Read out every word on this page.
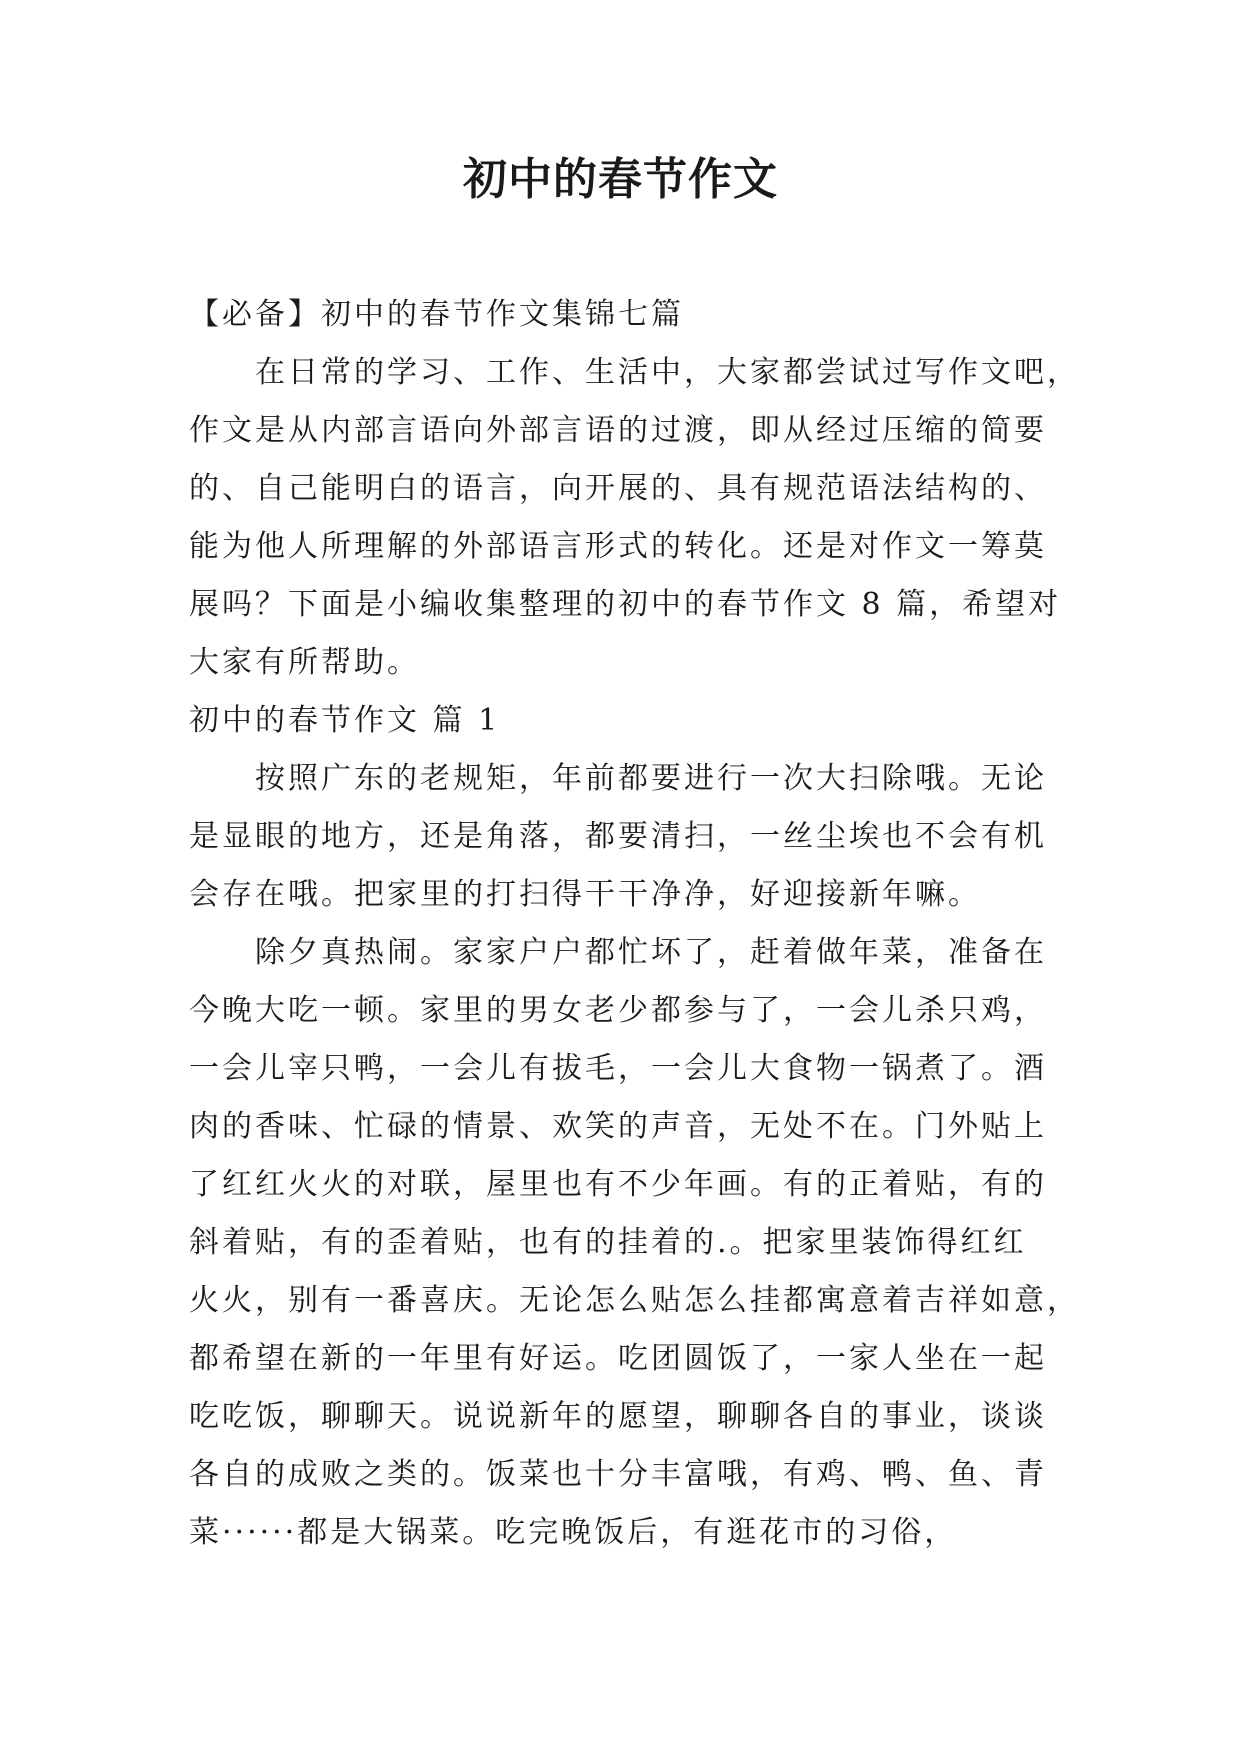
初中的春节作文
【必备】初中的春节作文集锦七篇
在日常的学习、工作、生活中，大家都尝试过写作文吧，
作文是从内部言语向外部言语的过渡，即从经过压缩的简要
的、自己能明白的语言，向开展的、具有规范语法结构的、
能为他人所理解的外部语言形式的转化。还是对作文一筹莫
展吗？下面是小编收集整理的初中的春节作文 8 篇，希望对
大家有所帮助。
初中的春节作文 篇 1
按照广东的老规矩，年前都要进行一次大扫除哦。无论
是显眼的地方，还是角落，都要清扫，一丝尘埃也不会有机
会存在哦。把家里的打扫得干干净净，好迎接新年嘛。
除夕真热闹。家家户户都忙坏了，赶着做年菜，准备在
今晚大吃一顿。家里的男女老少都参与了，一会儿杀只鸡，
一会儿宰只鸭，一会儿有拔毛，一会儿大食物一锅煮了。酒
肉的香味、忙碌的情景、欢笑的声音，无处不在。门外贴上
了红红火火的对联，屋里也有不少年画。有的正着贴，有的
斜着贴，有的歪着贴，也有的挂着的.。把家里装饰得红红
火火，别有一番喜庆。无论怎么贴怎么挂都寓意着吉祥如意，
都希望在新的一年里有好运。吃团圆饭了，一家人坐在一起
吃吃饭，聊聊天。说说新年的愿望，聊聊各自的事业，谈谈
各自的成败之类的。饭菜也十分丰富哦，有鸡、鸭、鱼、青
菜······都是大锅菜。吃完晚饭后，有逛花市的习俗，
